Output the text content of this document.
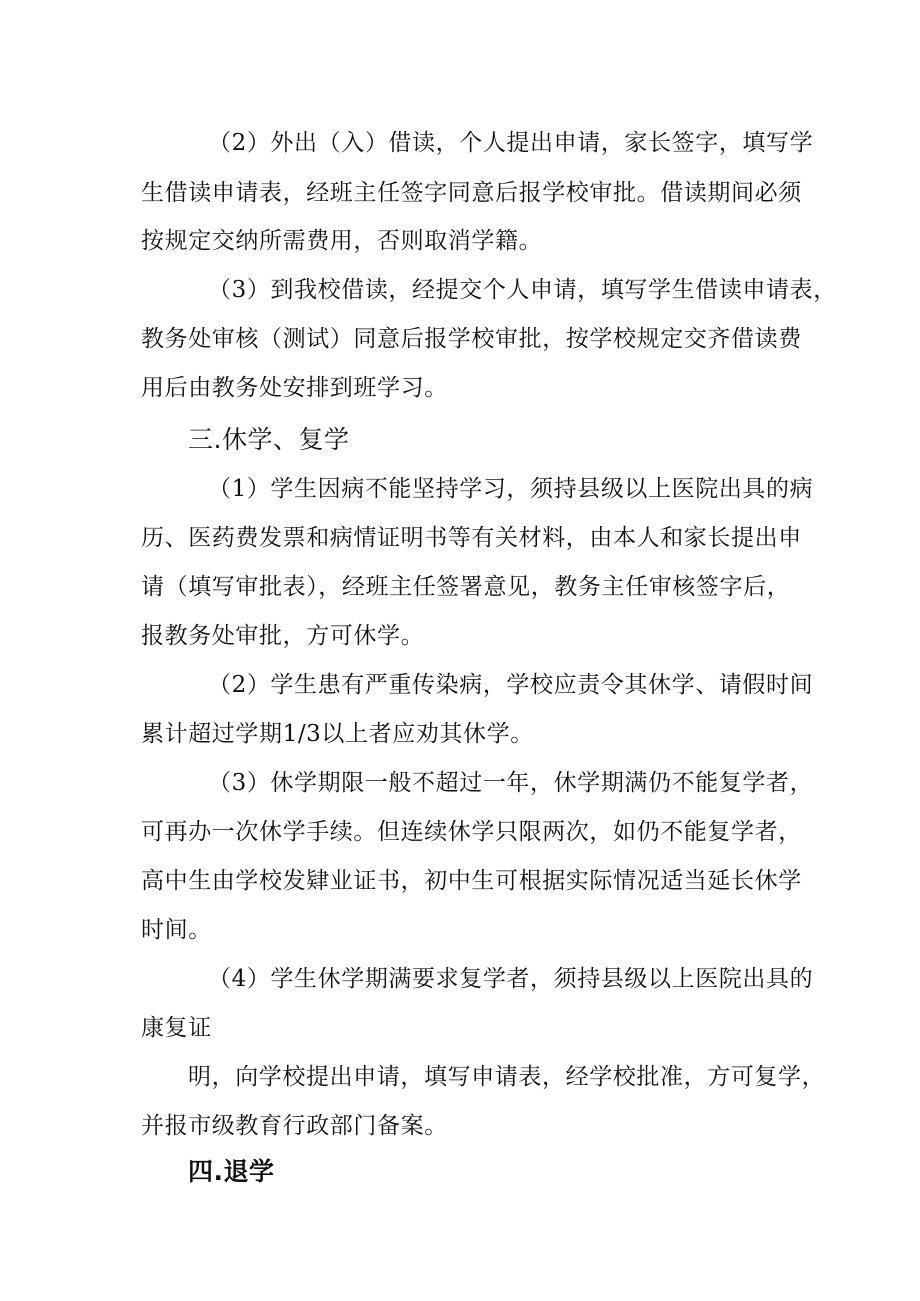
（2）外出（入）借读，个人提出申请，家长签字，填写学
生借读申请表，经班主任签字同意后报学校审批。借读期间必须
按规定交纳所需费用，否则取消学籍。
（3）到我校借读，经提交个人申请，填写学生借读申请表，
教务处审核（测试）同意后报学校审批，按学校规定交齐借读费
用后由教务处安排到班学习。
三.休学、复学
（1）学生因病不能坚持学习，须持县级以上医院出具的病
历、医药费发票和病情证明书等有关材料，由本人和家长提出申
请（填写审批表），经班主任签署意见，教务主任审核签字后，
报教务处审批，方可休学。
（2）学生患有严重传染病，学校应责令其休学、请假时间
累计超过学期1/3以上者应劝其休学。
（3）休学期限一般不超过一年，休学期满仍不能复学者，
可再办一次休学手续。但连续休学只限两次，如仍不能复学者，
高中生由学校发肄业证书，初中生可根据实际情况适当延长休学
时间。
（4）学生休学期满要求复学者，须持县级以上医院出具的
康复证
明，向学校提出申请，填写申请表，经学校批准，方可复学，
并报市级教育行政部门备案。
四.退学
